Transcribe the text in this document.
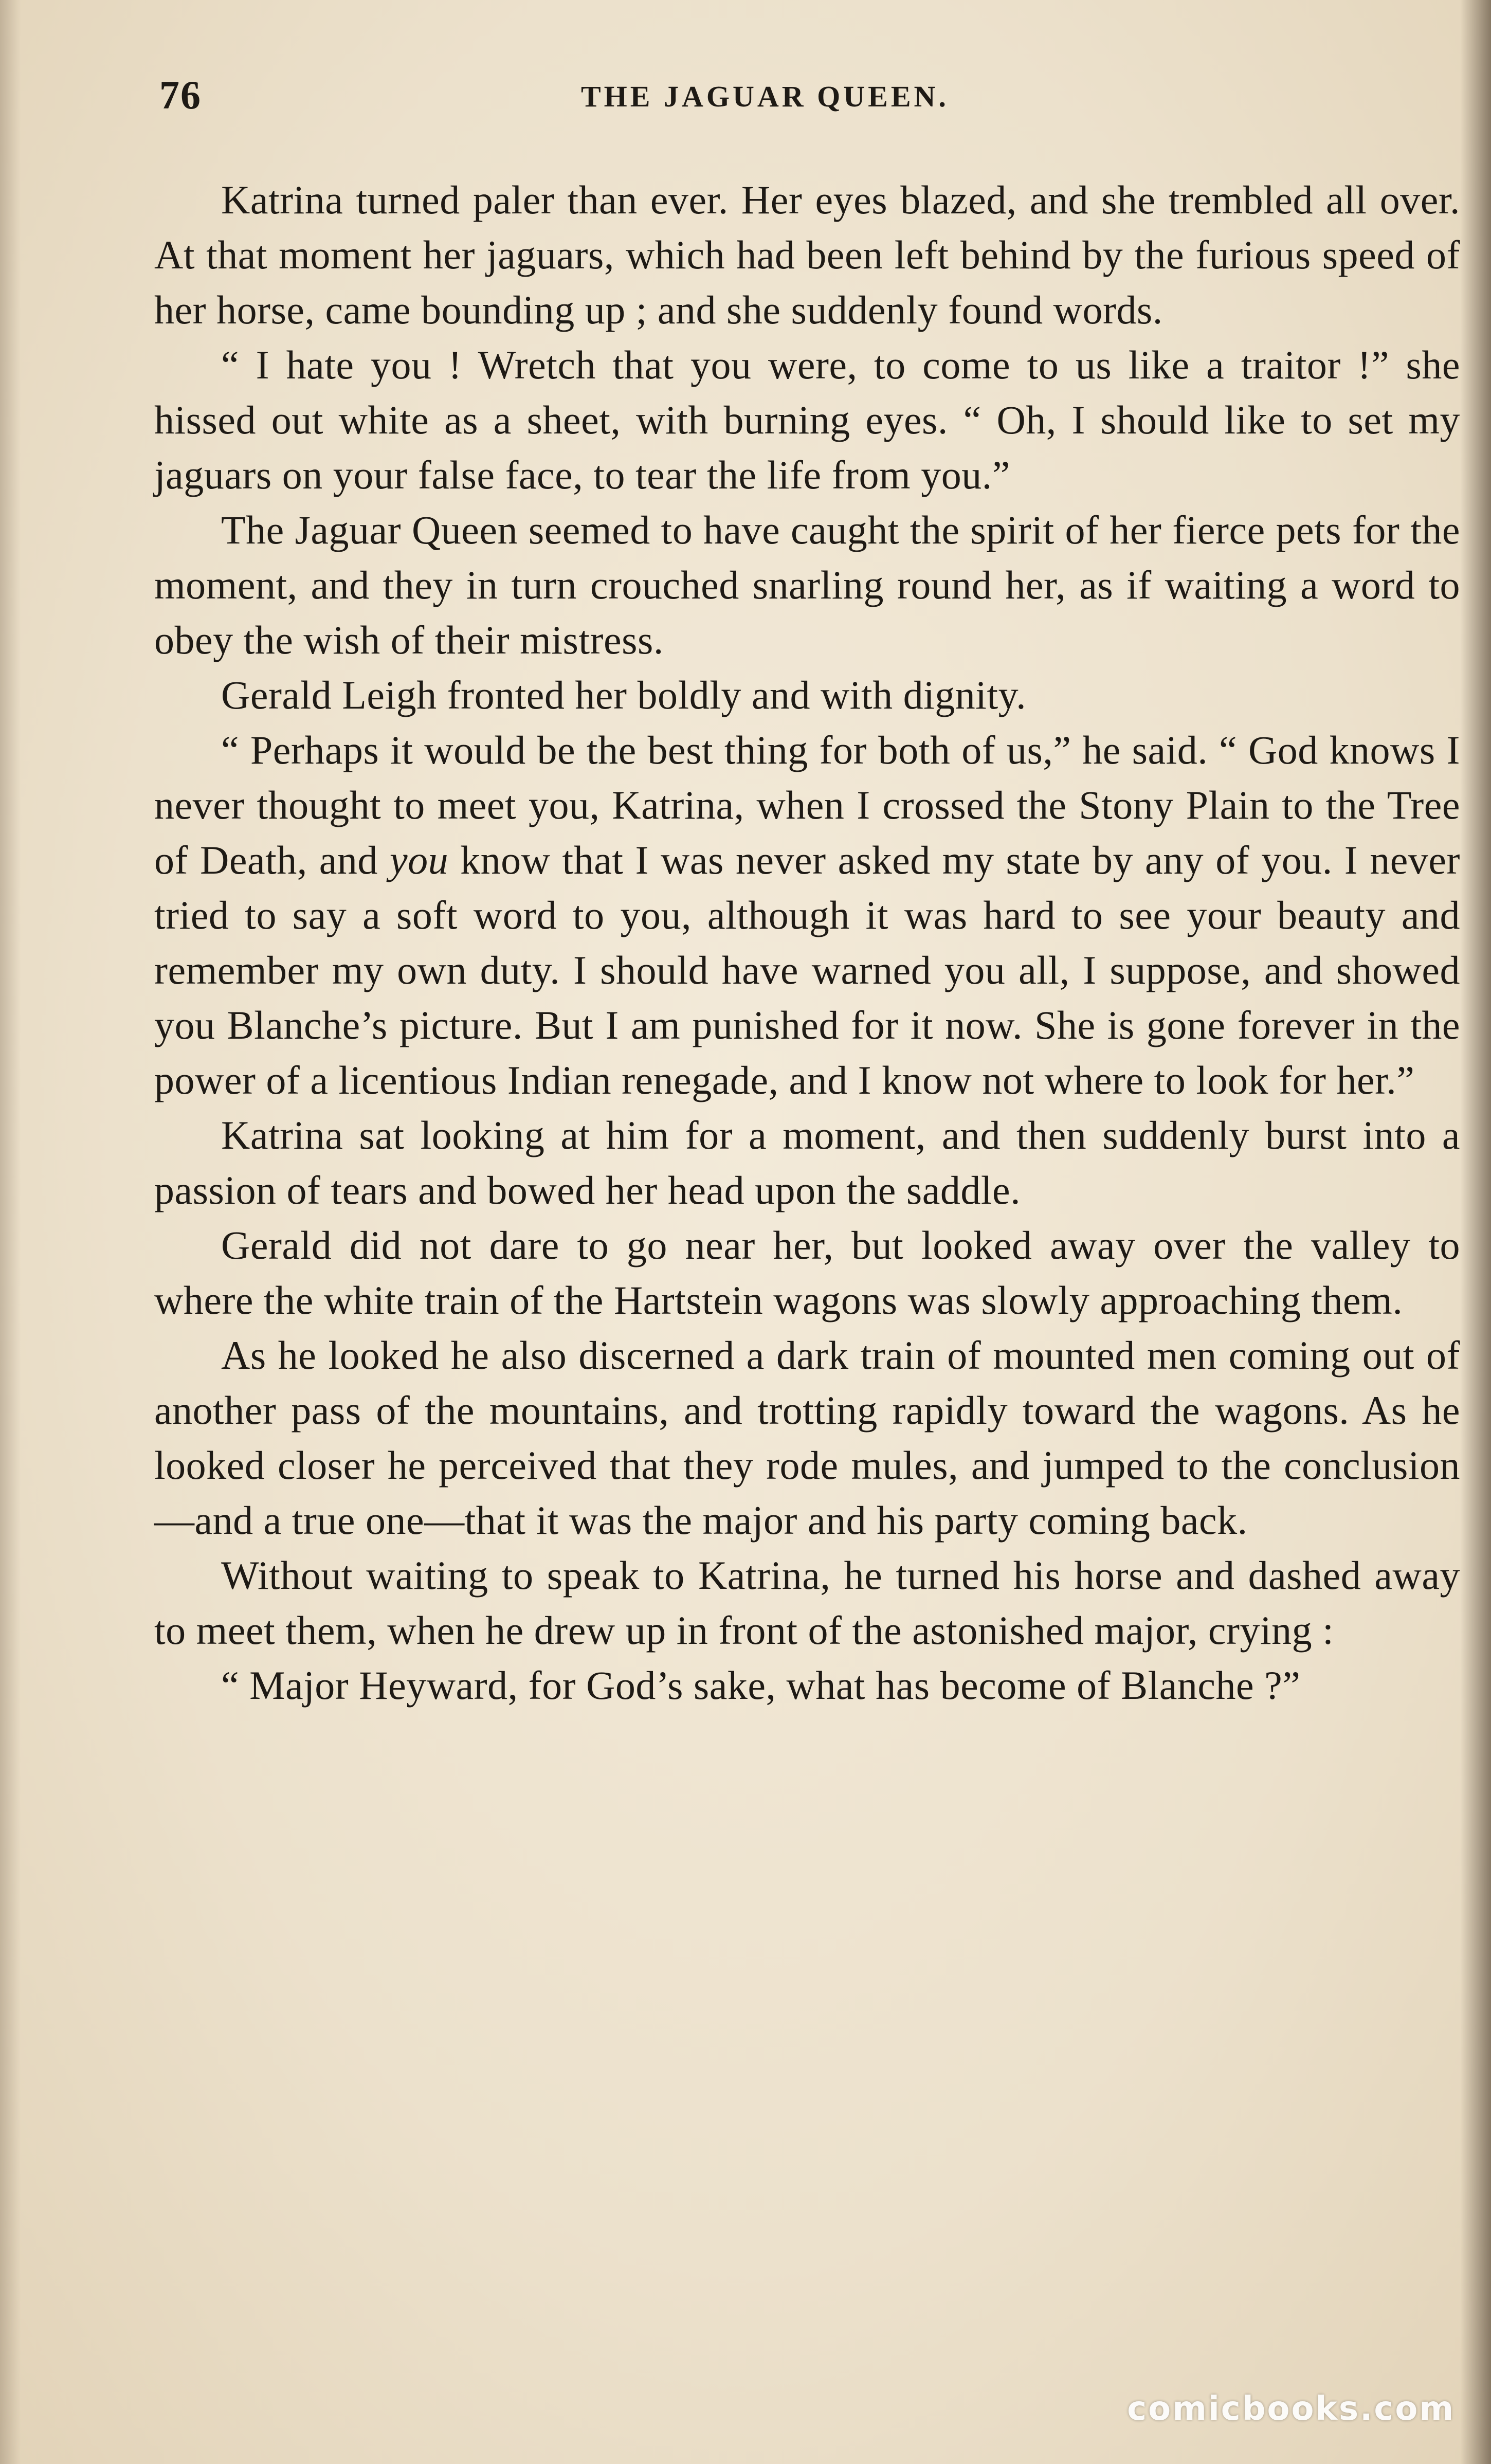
76	THE JAGUAR QUEEN.

Katrina turned paler than ever. Her eyes blazed, and she trembled all over. At that moment her jaguars, which had been left behind by the furious speed of her horse, came bounding up ; and she suddenly found words.

“ I hate you ! Wretch that you were, to come to us like a traitor !” she hissed out white as a sheet, with burning eyes. “ Oh, I should like to set my jaguars on your false face, to tear the life from you.”

The Jaguar Queen seemed to have caught the spirit of her fierce pets for the moment, and they in turn crouched snarling round her, as if waiting a word to obey the wish of their mistress.

Gerald Leigh fronted her boldly and with dignity.

“ Perhaps it would be the best thing for both of us,” he said. “ God knows I never thought to meet you, Katrina, when I crossed the Stony Plain to the Tree of Death, and you know that I was never asked my state by any of you. I never tried to say a soft word to you, although it was hard to see your beauty and remember my own duty. I should have warned you all, I suppose, and showed you Blanche’s picture. But I am punished for it now. She is gone forever in the power of a licentious Indian renegade, and I know not where to look for her.”

Katrina sat looking at him for a moment, and then suddenly burst into a passion of tears and bowed her head upon the saddle.

Gerald did not dare to go near her, but looked away over the valley to where the white train of the Hartstein wagons was slowly approaching them.

As he looked he also discerned a dark train of mounted men coming out of another pass of the mountains, and trotting rapidly toward the wagons. As he looked closer he perceived that they rode mules, and jumped to the conclusion —and a true one—that it was the major and his party coming back.

Without waiting to speak to Katrina, he turned his horse and dashed away to meet them, when he drew up in front of the astonished major, crying :

“ Major Heyward, for God’s sake, what has become of Blanche ?”

comicbooks.com
